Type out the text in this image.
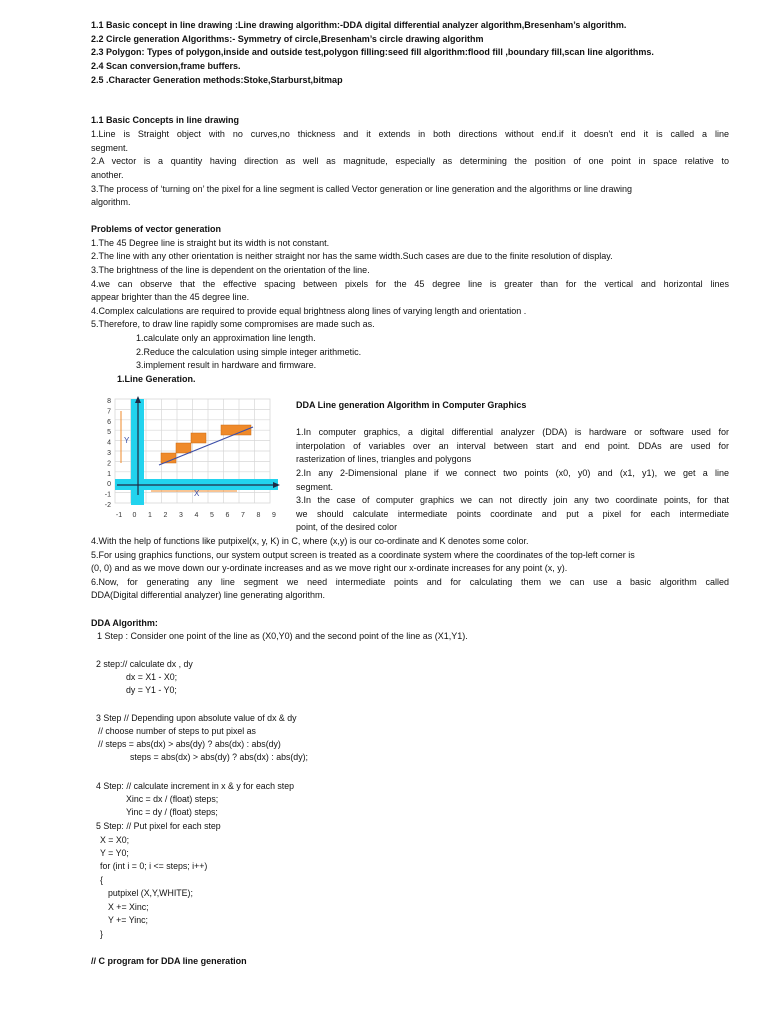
1.1 Basic concept in line drawing :Line drawing algorithm:-DDA digital differential analyzer algorithm,Bresenham’s algorithm.
2.2 Circle generation Algorithms:- Symmetry of circle,Bresenham’s circle drawing algorithm
2.3 Polygon: Types of polygon,inside and outside test,polygon filling:seed fill algorithm:flood fill ,boundary fill,scan line algorithms.
2.4 Scan conversion,frame buffers.
2.5 .Character Generation methods:Stoke,Starburst,bitmap
1.1 Basic Concepts in line drawing
1.Line is Straight object with no curves,no thickness and it extends in both directions without end.if it doesn't end it is called a line
segment.
2.A vector is a quantity having direction as well as magnitude, especially as determining the position of one point in space relative to
another.
3.The process of ‘turning on’ the pixel for a line segment is called Vector generation or line generation and the algorithms or line drawing
algorithm.
Problems of vector generation
1.The 45 Degree line is straight but its width is not constant.
2.The line with any other orientation is neither straight nor has the same width.Such cases are due to the finite resolution of display.
3.The brightness of the line is dependent on the orientation of the line.
4.we can observe that the effective spacing between pixels for the 45 degree line is greater than for the vertical and horizontal lines
appear brighter than the 45 degree line.
4.Complex calculations are required to provide equal brightness along lines of varying length and orientation .
5.Therefore, to draw line rapidly some compromises are made such as.
1.calculate only an approximation line length.
2.Reduce the calculation using simple integer arithmetic.
3.implement result in hardware and firmware.
1.Line Generation.
8
7
6
5
4
3
2
1
0
-1
-2
-1 0 1 2 3 4 5 6 7 8 9
Y
X
DDA Line generation Algorithm in Computer Graphics
1.In computer graphics, a digital differential analyzer (DDA) is hardware or software used for
interpolation of variables over an interval between start and end point. DDAs are used for
rasterization of lines, triangles and polygons
2.In any 2-Dimensional plane if we connect two points (x0, y0) and (x1, y1), we get a line
segment.
3.In the case of computer graphics we can not directly join any two coordinate points, for that
we should calculate intermediate points coordinate and put a pixel for each intermediate
point, of the desired color
4.With the help of functions like putpixel(x, y, K) in C, where (x,y) is our co-ordinate and K denotes some color.
5.For using graphics functions, our system output screen is treated as a coordinate system where the coordinates of the top-left corner is
(0, 0) and as we move down our y-ordinate increases and as we move right our x-ordinate increases for any point (x, y).
6.Now, for generating any line segment we need intermediate points and for calculating them we can use a basic algorithm called
DDA(Digital differential analyzer) line generating algorithm.
DDA Algorithm:
1 Step : Consider one point of the line as (X0,Y0) and the second point of the line as (X1,Y1).
2 step:// calculate dx , dy
dx = X1 - X0;
dy = Y1 - Y0;
3 Step // Depending upon absolute value of dx & dy
// choose number of steps to put pixel as
// steps = abs(dx) > abs(dy) ? abs(dx) : abs(dy)
steps = abs(dx) > abs(dy) ? abs(dx) : abs(dy);
4 Step: // calculate increment in x & y for each step
Xinc = dx / (float) steps;
Yinc = dy / (float) steps;
5 Step: // Put pixel for each step
X = X0;
Y = Y0;
for (int i = 0; i <= steps; i++)
{
putpixel (X,Y,WHITE);
X += Xinc;
Y += Yinc;
}
// C program for DDA line generation
